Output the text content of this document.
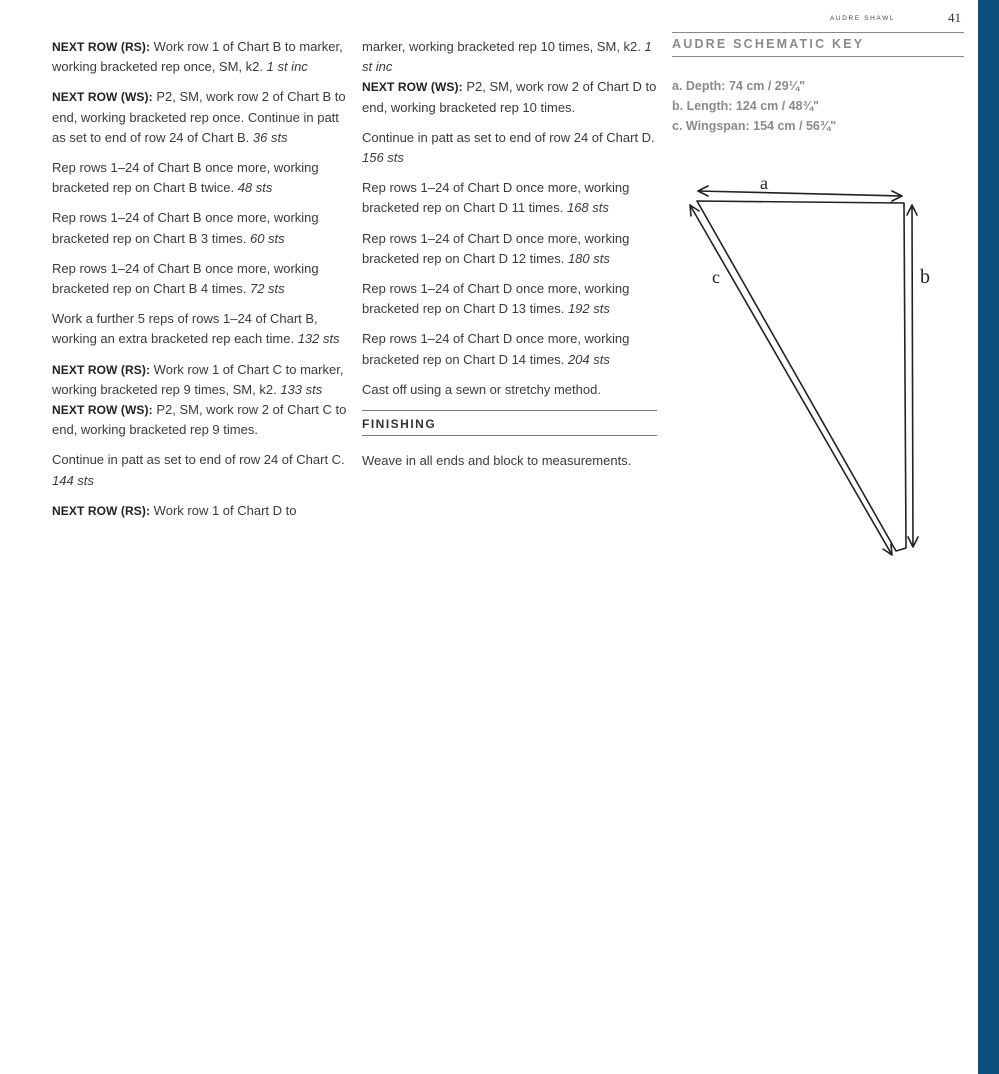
AUDRE SHAWL	41

NEXT ROW (RS): Work row 1 of Chart B to marker, working bracketed rep once, SM, k2. 1 st inc

NEXT ROW (WS): P2, SM, work row 2 of Chart B to end, working bracketed rep once. Continue in patt as set to end of row 24 of Chart B. 36 sts

Rep rows 1–24 of Chart B once more, working bracketed rep on Chart B twice. 48 sts

Rep rows 1–24 of Chart B once more, working bracketed rep on Chart B 3 times. 60 sts

Rep rows 1–24 of Chart B once more, working bracketed rep on Chart B 4 times. 72 sts

Work a further 5 reps of rows 1–24 of Chart B, working an extra bracketed rep each time. 132 sts

NEXT ROW (RS): Work row 1 of Chart C to marker, working bracketed rep 9 times, SM, k2. 133 sts

NEXT ROW (WS): P2, SM, work row 2 of Chart C to end, working bracketed rep 9 times.

Continue in patt as set to end of row 24 of Chart C. 144 sts

NEXT ROW (RS): Work row 1 of Chart D to

marker, working bracketed rep 10 times, SM, k2. 1 st inc

NEXT ROW (WS): P2, SM, work row 2 of Chart D to end, working bracketed rep 10 times.

Continue in patt as set to end of row 24 of Chart D. 156 sts

Rep rows 1–24 of Chart D once more, working bracketed rep on Chart D 11 times. 168 sts

Rep rows 1–24 of Chart D once more, working bracketed rep on Chart D 12 times. 180 sts

Rep rows 1–24 of Chart D once more, working bracketed rep on Chart D 13 times. 192 sts

Rep rows 1–24 of Chart D once more, working bracketed rep on Chart D 14 times. 204 sts

Cast off using a sewn or stretchy method.

FINISHING

Weave in all ends and block to measurements.

AUDRE SCHEMATIC KEY
a. Depth: 74 cm / 29¼"
b. Length: 124 cm / 48¾"
c. Wingspan: 154 cm / 56¾"
a
b
c
